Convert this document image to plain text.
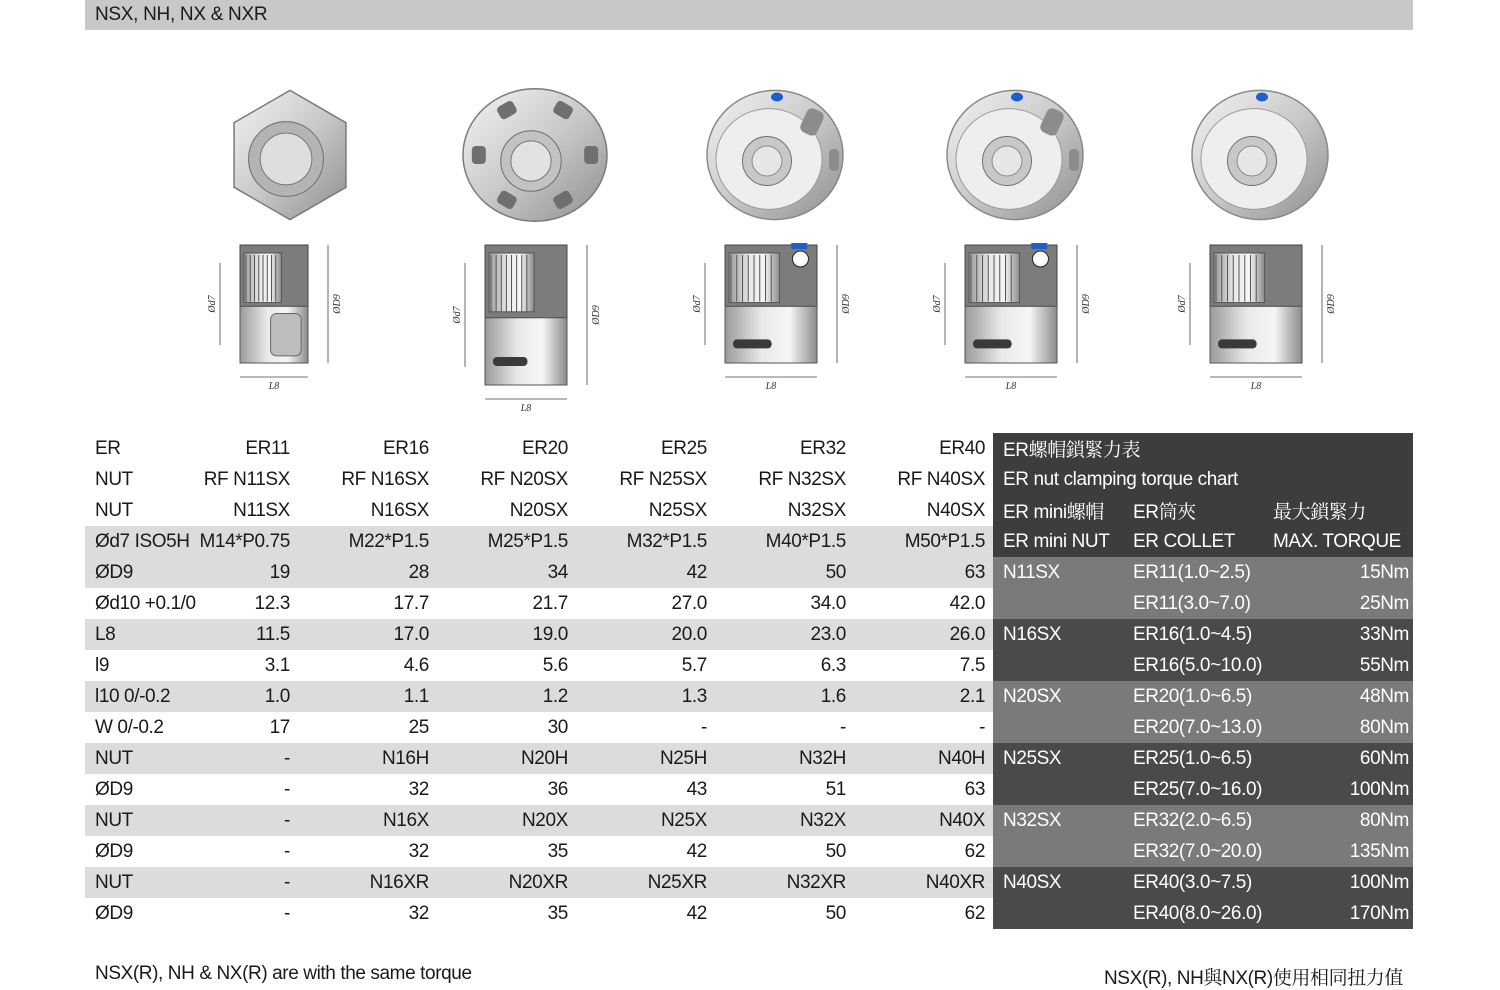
NSX, NH, NX & NXR
Ød7	ØD9
L8
Ød7	ØD9
L8
Ød7	ØD9
L8
Ød7	ØD9
L8
Ød7	ØD9
L8
ER	ER11	ER16	ER20	ER25	ER32	ER40
NUT	RF N11SX	RF N16SX	RF N20SX	RF N25SX	RF N32SX	RF N40SX
NUT	N11SX	N16SX	N20SX	N25SX	N32SX	N40SX
Ød7 ISO5H	M14*P0.75	M22*P1.5	M25*P1.5	M32*P1.5	M40*P1.5	M50*P1.5
ØD9	19	28	34	42	50	63
Ød10 +0.1/0	12.3	17.7	21.7	27.0	34.0	42.0
L8	11.5	17.0	19.0	20.0	23.0	26.0
l9	3.1	4.6	5.6	5.7	6.3	7.5
l10 0/-0.2	1.0	1.1	1.2	1.3	1.6	2.1
W 0/-0.2	17	25	30	-	-	-
NUT	-	N16H	N20H	N25H	N32H	N40H
ØD9	-	32	36	43	51	63
NUT	-	N16X	N20X	N25X	N32X	N40X
ØD9	-	32	35	42	50	62
NUT	-	N16XR	N20XR	N25XR	N32XR	N40XR
ØD9	-	32	35	42	50	62
ER螺帽鎖緊力表		
ER nut clamping torque chart		
ER mini螺帽	ER筒夾	最大鎖緊力
ER mini NUT	ER COLLET	MAX. TORQUE
N11SX	ER11(1.0~2.5)	15Nm
	ER11(3.0~7.0)	25Nm
N16SX	ER16(1.0~4.5)	33Nm
	ER16(5.0~10.0)	55Nm
N20SX	ER20(1.0~6.5)	48Nm
	ER20(7.0~13.0)	80Nm
N25SX	ER25(1.0~6.5)	60Nm
	ER25(7.0~16.0)	100Nm
N32SX	ER32(2.0~6.5)	80Nm
	ER32(7.0~20.0)	135Nm
N40SX	ER40(3.0~7.5)	100Nm
	ER40(8.0~26.0)	170Nm
NSX(R), NH & NX(R) are with the same torque	NSX(R), NH與NX(R)使用相同扭力值
